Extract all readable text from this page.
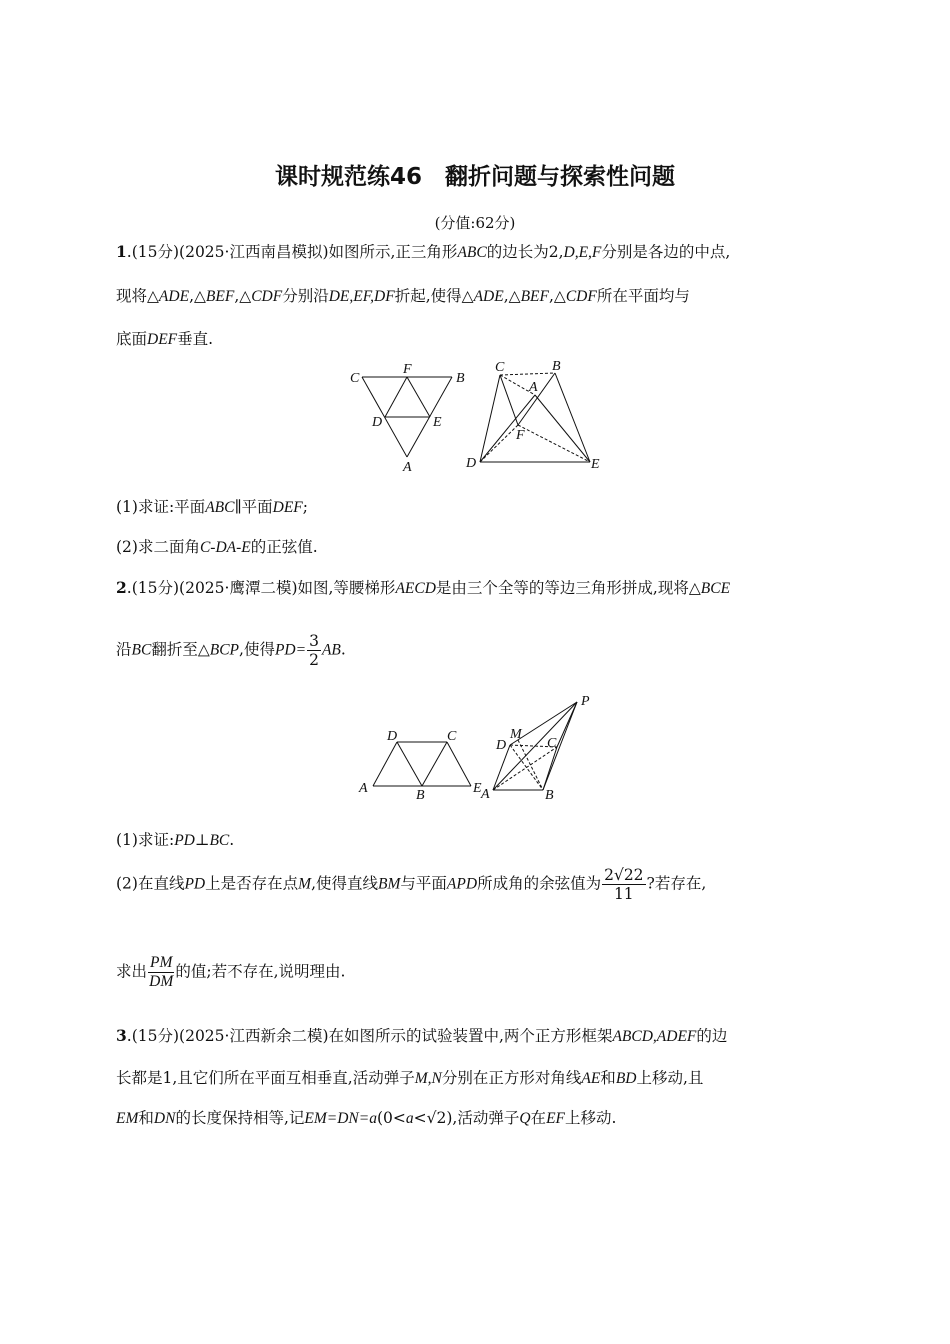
课时规范练46　翻折问题与探索性问题
(分值:62分)
1.(15分)(2025·江西南昌模拟)如图所示,正三角形ABC的边长为2,D,E,F分别是各边的中点,
现将△ADE,△BEF,△CDF分别沿DE,EF,DF折起,使得△ADE,△BEF,△CDF所在平面均与
底面DEF垂直.
C
F
B
D	E
A
C	B
A
F
D	E
(1)求证:平面ABC∥平面DEF;
(2)求二面角C-DA-E的正弦值.
2.(15分)(2025·鹰潭二模)如图,等腰梯形AECD是由三个全等的等边三角形拼成,现将△BCE
沿BC翻折至△BCP,使得$PD= \frac{3}{2}$ AB.
D	C
A	B	E
P
M
D	C
A	B
(1)求证:PD⊥BC.
(2)在直线PD上是否存在点M,使得直线BM与平面APD所成角的余弦值为 $\frac{2√22}{11}$ ?若存在,
求出 $\frac{PM}{DM}$ 的值;若不存在,说明理由.
3.(15分)(2025·江西新余二模)在如图所示的试验装置中,两个正方形框架ABCD,ADEF的边
长都是1,且它们所在平面互相垂直,活动弹子M,N分别在正方形对角线AE和BD上移动,且
EM和DN的长度保持相等,记EM=DN=a(0<a<√2),活动弹子Q在EF上移动.
